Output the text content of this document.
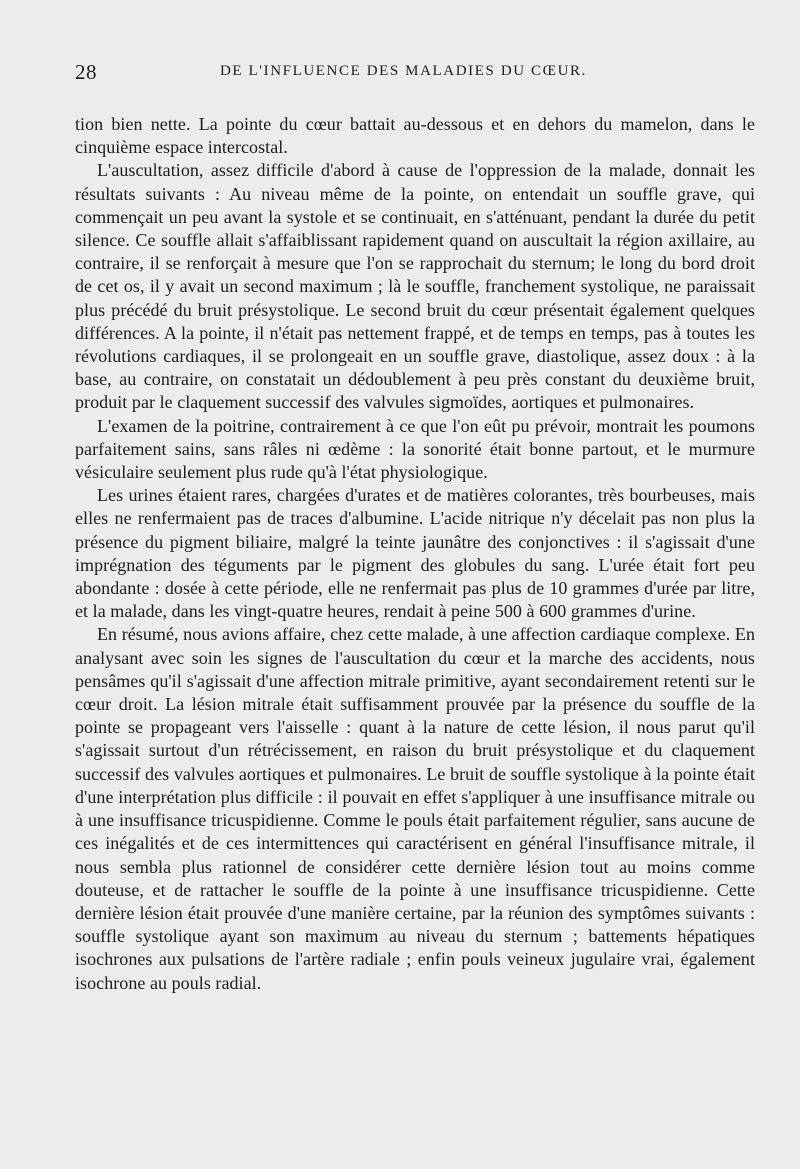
28	DE L'INFLUENCE DES MALADIES DU CŒUR.

tion bien nette. La pointe du cœur battait au-dessous et en dehors du mamelon, dans le cinquième espace intercostal.

L'auscultation, assez difficile d'abord à cause de l'oppression de la malade, donnait les résultats suivants : Au niveau même de la pointe, on entendait un souffle grave, qui commençait un peu avant la systole et se continuait, en s'atténuant, pendant la durée du petit silence. Ce souffle allait s'affaiblissant rapidement quand on auscultait la région axillaire, au contraire, il se renforçait à mesure que l'on se rapprochait du sternum; le long du bord droit de cet os, il y avait un second maximum ; là le souffle, franchement systolique, ne paraissait plus précédé du bruit présystolique. Le second bruit du cœur présentait également quelques différences. A la pointe, il n'était pas nettement frappé, et de temps en temps, pas à toutes les révolutions cardiaques, il se prolongeait en un souffle grave, diastolique, assez doux : à la base, au contraire, on constatait un dédoublement à peu près constant du deuxième bruit, produit par le claquement successif des valvules sigmoïdes, aortiques et pulmonaires.

L'examen de la poitrine, contrairement à ce que l'on eût pu prévoir, montrait les poumons parfaitement sains, sans râles ni œdème : la sonorité était bonne partout, et le murmure vésiculaire seulement plus rude qu'à l'état physiologique.

Les urines étaient rares, chargées d'urates et de matières colorantes, très bourbeuses, mais elles ne renfermaient pas de traces d'albumine. L'acide nitrique n'y décelait pas non plus la présence du pigment biliaire, malgré la teinte jaunâtre des conjonctives : il s'agissait d'une imprégnation des téguments par le pigment des globules du sang. L'urée était fort peu abondante : dosée à cette période, elle ne renfermait pas plus de 10 grammes d'urée par litre, et la malade, dans les vingt-quatre heures, rendait à peine 500 à 600 grammes d'urine.

En résumé, nous avions affaire, chez cette malade, à une affection cardiaque complexe. En analysant avec soin les signes de l'auscultation du cœur et la marche des accidents, nous pensâmes qu'il s'agissait d'une affection mitrale primitive, ayant secondairement retenti sur le cœur droit. La lésion mitrale était suffisamment prouvée par la présence du souffle de la pointe se propageant vers l'aisselle : quant à la nature de cette lésion, il nous parut qu'il s'agissait surtout d'un rétrécissement, en raison du bruit présystolique et du claquement successif des valvules aortiques et pulmonaires. Le bruit de souffle systolique à la pointe était d'une interprétation plus difficile : il pouvait en effet s'appliquer à une insuffisance mitrale ou à une insuffisance tricuspidienne. Comme le pouls était parfaitement régulier, sans aucune de ces inégalités et de ces intermittences qui caractérisent en général l'insuffisance mitrale, il nous sembla plus rationnel de considérer cette dernière lésion tout au moins comme douteuse, et de rattacher le souffle de la pointe à une insuffisance tricuspidienne. Cette dernière lésion était prouvée d'une manière certaine, par la réunion des symptômes suivants : souffle systolique ayant son maximum au niveau du sternum ; battements hépatiques isochrones aux pulsations de l'artère radiale ; enfin pouls veineux jugulaire vrai, également isochrone au pouls radial.
